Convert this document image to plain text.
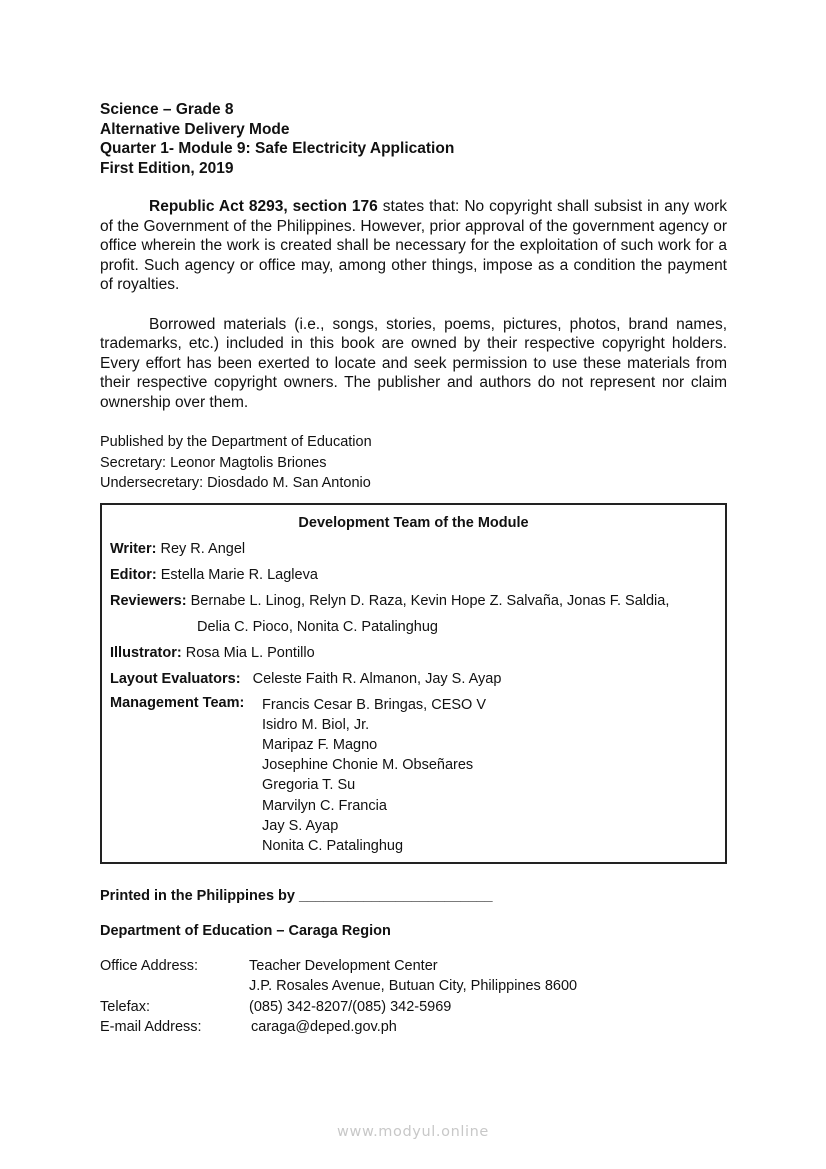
Science – Grade 8
Alternative Delivery Mode
Quarter 1- Module 9: Safe Electricity Application
First Edition, 2019

Republic Act 8293, section 176 states that: No copyright shall subsist in any work of the Government of the Philippines. However, prior approval of the government agency or office wherein the work is created shall be necessary for the exploitation of such work for a profit. Such agency or office may, among other things, impose as a condition the payment of royalties.

Borrowed materials (i.e., songs, stories, poems, pictures, photos, brand names, trademarks, etc.) included in this book are owned by their respective copyright holders. Every effort has been exerted to locate and seek permission to use these materials from their respective copyright owners. The publisher and authors do not represent nor claim ownership over them.

Published by the Department of Education
Secretary: Leonor Magtolis Briones
Undersecretary: Diosdado M. San Antonio
Development Team of the Module
Writer: Rey R. Angel
Editor: Estella Marie R. Lagleva
Reviewers: Bernabe L. Linog, Relyn D. Raza, Kevin Hope Z. Salvaña, Jonas F. Saldia,
Delia C. Pioco, Nonita C. Patalinghug
Illustrator: Rosa Mia L. Pontillo
Layout Evaluators:   Celeste Faith R. Almanon, Jay S. Ayap
Management Team:	Francis Cesar B. Bringas, CESO V
Isidro M. Biol, Jr.
Maripaz F. Magno
Josephine Chonie M. Obseñares
Gregoria T. Su
Marvilyn C. Francia
Jay S. Ayap
Nonita C. Patalinghug
Printed in the Philippines by ________________________
Department of Education – Caraga Region
Office Address:	Teacher Development Center
J.P. Rosales Avenue, Butuan City, Philippines 8600
Telefax:	(085) 342-8207/(085) 342-5969
E-mail Address:	caraga@deped.gov.ph
www.modyul.online
